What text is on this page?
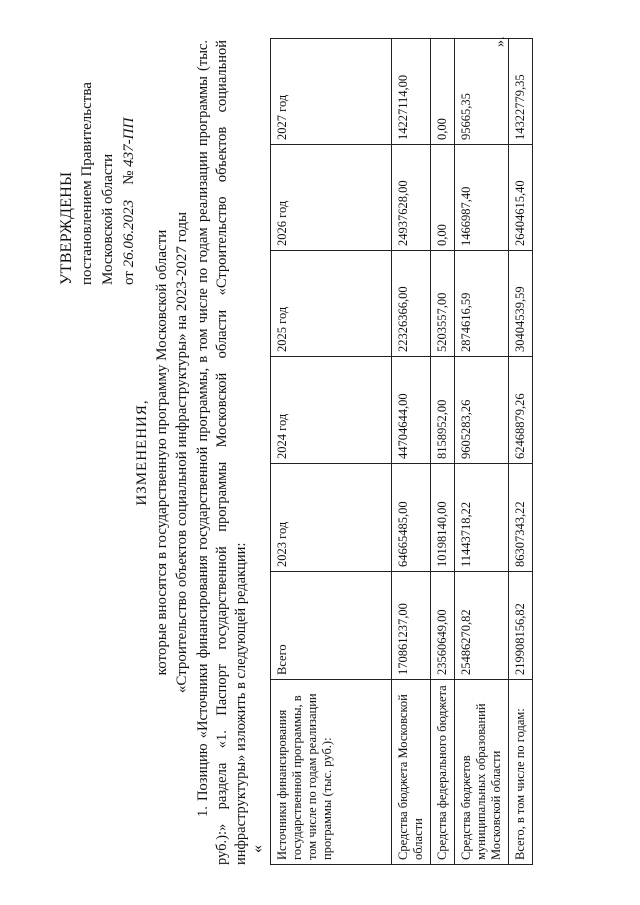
УТВЕРЖДЕНЫ постановлением Правительства Московской области от 26.06.2023    № 437-ПП
ИЗМЕНЕНИЯ, которые вносятся в государственную программу Московской области «Строительство объектов социальной инфраструктуры» на 2023-2027 годы 1. Позицию «Источники финансирования государственной программы, в том числе по годам реализации программы (тыс. руб.):» раздела «1. Паспорт государственной программы Московской области «Строительство объектов социальной инфраструктуры» изложить в следующей редакции: « Источники финансирования государственной программы, в том числе по годам реализации программы (тыс. руб.):	Всего	2023 год	2024 год	2025 год	2026 год	2027 год
Средства бюджета Московской области	170861237,00	64665485,00	44704644,00	22326366,00	24937628,00	14227114,00
Средства федерального бюджета	23560649,00	10198140,00	8158952,00	5203557,00	0,00	0,00
Средства бюджетов муниципальных образований Московской области	25486270,82	11443718,22	9605283,26	2874616,59	1466987,40	95665,35
Всего, в том числе по годам:	219908156,82	86307343,22	62468879,26	30404539,59	26404615,40	14322779,35
».
